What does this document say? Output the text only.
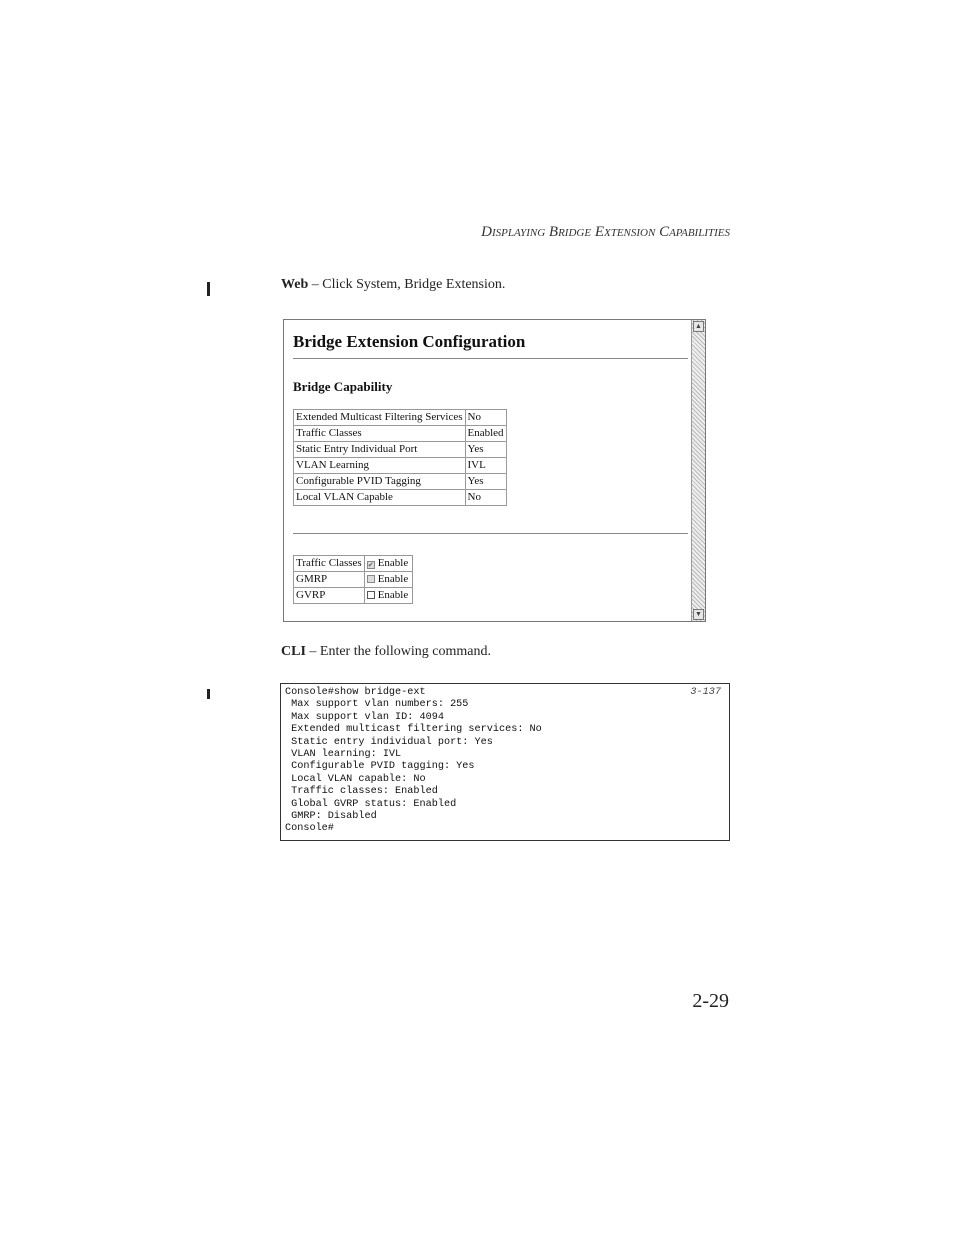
Displaying Bridge Extension Capabilities
Web – Click System, Bridge Extension.
Bridge Extension Configuration
Bridge Capability
Extended Multicast Filtering Services	No
Traffic Classes	Enabled
Static Entry Individual Port	Yes
VLAN Learning	IVL
Configurable PVID Tagging	Yes
Local VLAN Capable	No
Traffic Classes	✔ Enable
GMRP	Enable
GVRP	Enable
▲
▼
CLI – Enter the following command.
Console#show bridge-ext
Max support vlan numbers: 255
Max support vlan ID: 4094
Extended multicast filtering services: No
Static entry individual port: Yes
VLAN learning: IVL
Configurable PVID tagging: Yes
Local VLAN capable: No
Traffic classes: Enabled
Global GVRP status: Enabled
GMRP: Disabled
Console#
3-137
2-29
